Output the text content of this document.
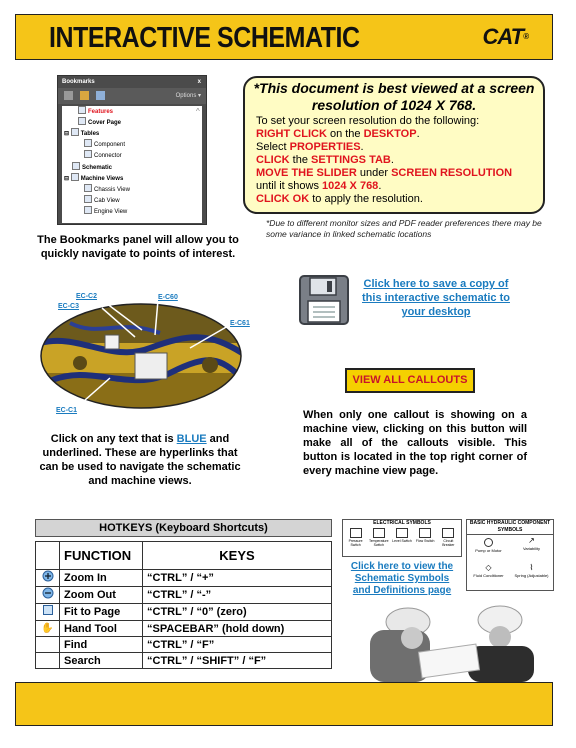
INTERACTIVE SCHEMATIC	CAT®
Bookmarks	x
Options ▾
Features
Cover Page
⊟ Tables
Component
Connector
Schematic
⊟ Machine Views
Chassis View
Cab View
Engine View
^
The Bookmarks panel will allow you to quickly navigate to points of interest.
*This document is best viewed at a screen resolution of 1024 X 768.
To set your screen resolution do the following:
RIGHT CLICK on the DESKTOP.
Select PROPERTIES.
CLICK the SETTINGS TAB.
MOVE THE SLIDER under SCREEN RESOLUTION
until it shows 1024 X 768.
CLICK OK to apply the resolution.
*Due to different monitor sizes and PDF reader preferences there may be some variance in linked schematic locations
Click here to save a copy of this interactive schematic to your desktop
EC-C2
EC-C3
E-C60
E-C61
EC-C1
Click on any text that is BLUE and underlined. These are hyperlinks that can be used to navigate the schematic and machine views.
VIEW ALL CALLOUTS
When only one callout is showing on a machine view, clicking on this button will make all of the callouts visible. This button is located in the top right corner of every machine view page.
HOTKEYS (Keyboard Shortcuts)
	FUNCTION	KEYS
	Zoom In	“CTRL” / “+”
	Zoom Out	“CTRL” / “-”
	Fit to Page	“CTRL” / “0” (zero)
✋	Hand Tool	“SPACEBAR” (hold down)
	Find	“CTRL” / “F”
	Search	“CTRL” / “SHIFT” / “F”
ELECTRICAL SYMBOLS
Pressure Switch
Temperature Switch
Level Switch	Flow Switch	Circuit Breaker
BASIC HYDRAULIC COMPONENT SYMBOLS
Pump or Motor
↗
Variability
◇
Fluid Conditioner
⌇
Spring (Adjustable)
Click here to view the Schematic Symbols and Definitions page
